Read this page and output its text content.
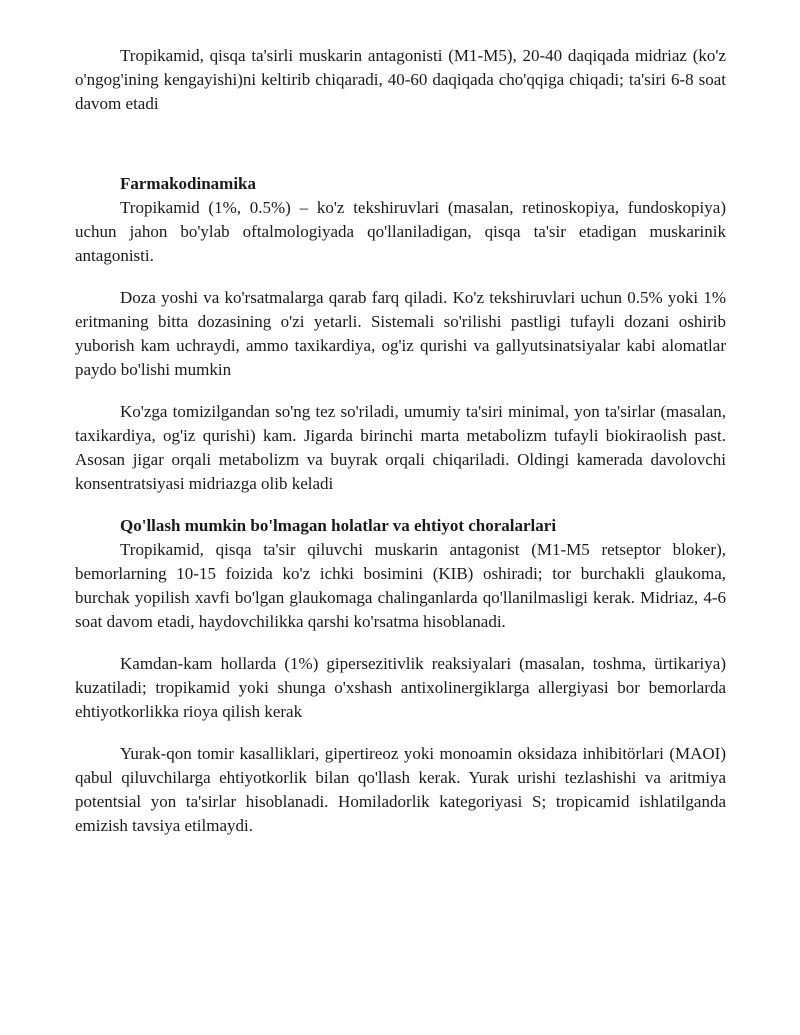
Tropikamid, qisqa ta'sirli muskarin antagonisti (M1-M5), 20-40 daqiqada midriaz (ko'z o'ngog'ining kengayishi)ni keltirib chiqaradi, 40-60 daqiqada cho'qqiga chiqadi; ta'siri 6-8 soat davom etadi

Farmakodinamika

Tropikamid (1%, 0.5%) – ko'z tekshiruvlari (masalan, retinoskopiya, fundoskopiya) uchun jahon bo'ylab oftalmologiyada qo'llaniladigan, qisqa ta'sir etadigan muskarinik antagonisti.

Doza yoshi va ko'rsatmalarga qarab farq qiladi. Ko'z tekshiruvlari uchun 0.5% yoki 1% eritmaning bitta dozasining o'zi yetarli. Sistemali so'rilishi pastligi tufayli dozani oshirib yuborish kam uchraydi, ammo taxikardiya, og'iz qurishi va gallyutsinatsiyalar kabi alomatlar paydo bo'lishi mumkin

Ko'zga tomizilgandan so'ng tez so'riladi, umumiy ta'siri minimal, yon ta'sirlar (masalan, taxikardiya, og'iz qurishi) kam. Jigarda birinchi marta metabolizm tufayli biokiraolish past. Asosan jigar orqali metabolizm va buyrak orqali chiqariladi. Oldingi kamerada davolovchi konsentratsiyasi midriazga olib keladi

Qo'llash mumkin bo'lmagan holatlar va ehtiyot choralarlari

Tropikamid, qisqa ta'sir qiluvchi muskarin antagonist (M1-M5 retseptor bloker), bemorlarning 10-15 foizida ko'z ichki bosimini (KIB) oshiradi; tor burchakli glaukoma, burchak yopilish xavfi bo'lgan glaukomaga chalinganlarda qo'llanilmasligi kerak. Midriaz, 4-6 soat davom etadi, haydovchilikka qarshi ko'rsatma hisoblanadi.

Kamdan-kam hollarda (1%) gipersezitivlik reaksiyalari (masalan, toshma, ürtikariya) kuzatiladi; tropikamid yoki shunga o'xshash antixolinergiklarga allergiyasi bor bemorlarda ehtiyotkorlikka rioya qilish kerak

Yurak-qon tomir kasalliklari, gipertireoz yoki monoamin oksidaza inhibitörlari (MAOI) qabul qiluvchilarga ehtiyotkorlik bilan qo'llash kerak. Yurak urishi tezlashishi va aritmiya potentsial yon ta'sirlar hisoblanadi. Homiladorlik kategoriyasi S; tropicamid ishlatilganda emizish tavsiya etilmaydi.
